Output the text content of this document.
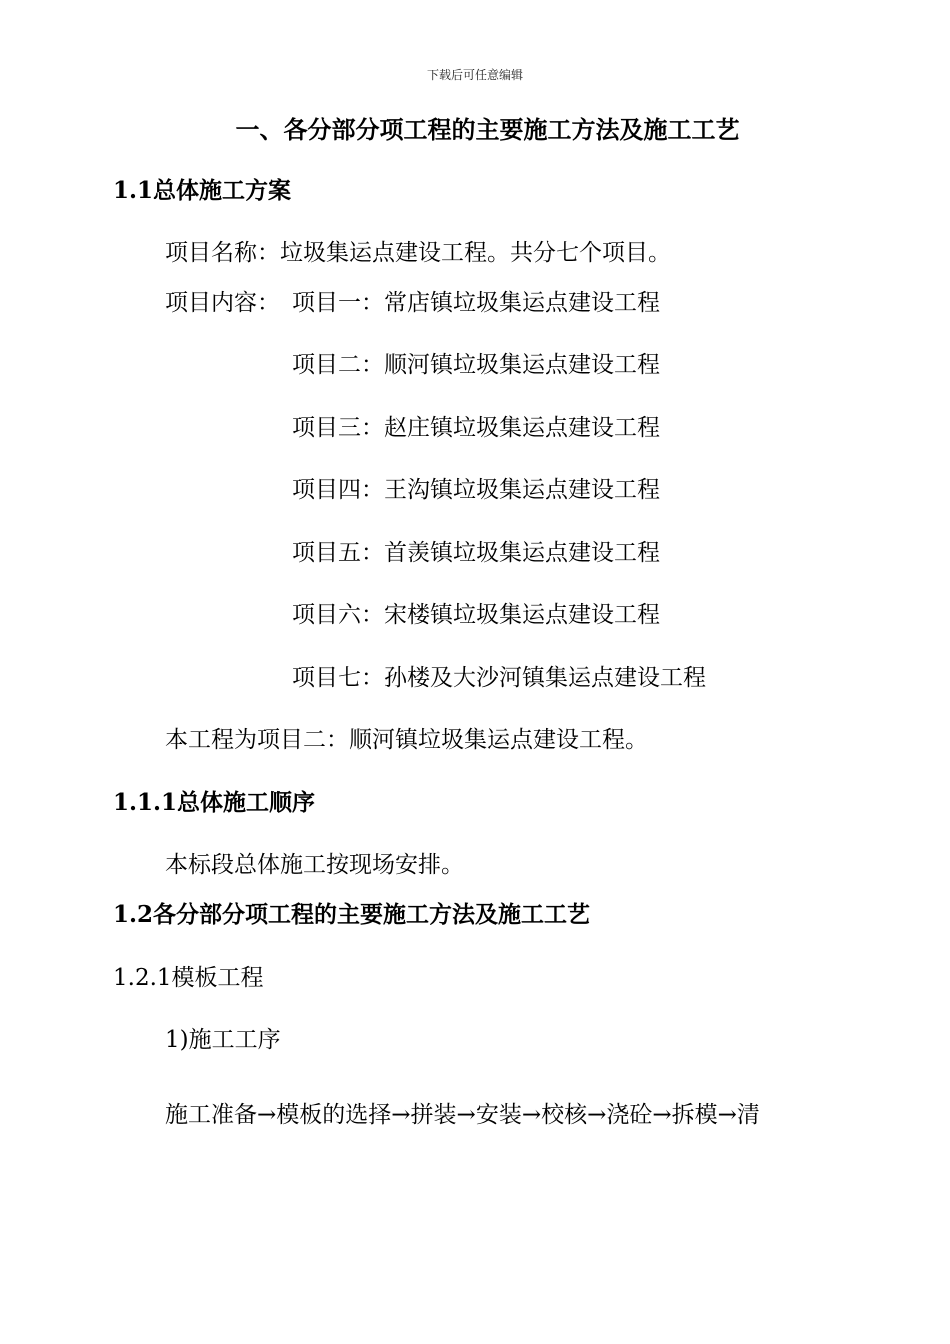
下载后可任意编辑
一、各分部分项工程的主要施工方法及施工工艺
1.1总体施工方案
项目名称：垃圾集运点建设工程。共分七个项目。
项目内容： 项目一：常店镇垃圾集运点建设工程
项目二：顺河镇垃圾集运点建设工程
项目三：赵庄镇垃圾集运点建设工程
项目四：王沟镇垃圾集运点建设工程
项目五：首羡镇垃圾集运点建设工程
项目六：宋楼镇垃圾集运点建设工程
项目七：孙楼及大沙河镇集运点建设工程
本工程为项目二：顺河镇垃圾集运点建设工程。
1.1.1总体施工顺序
本标段总体施工按现场安排。
1.2各分部分项工程的主要施工方法及施工工艺
1.2.1模板工程
1)施工工序
施工准备→模板的选择→拼装→安装→校核→浇砼→拆模→清
